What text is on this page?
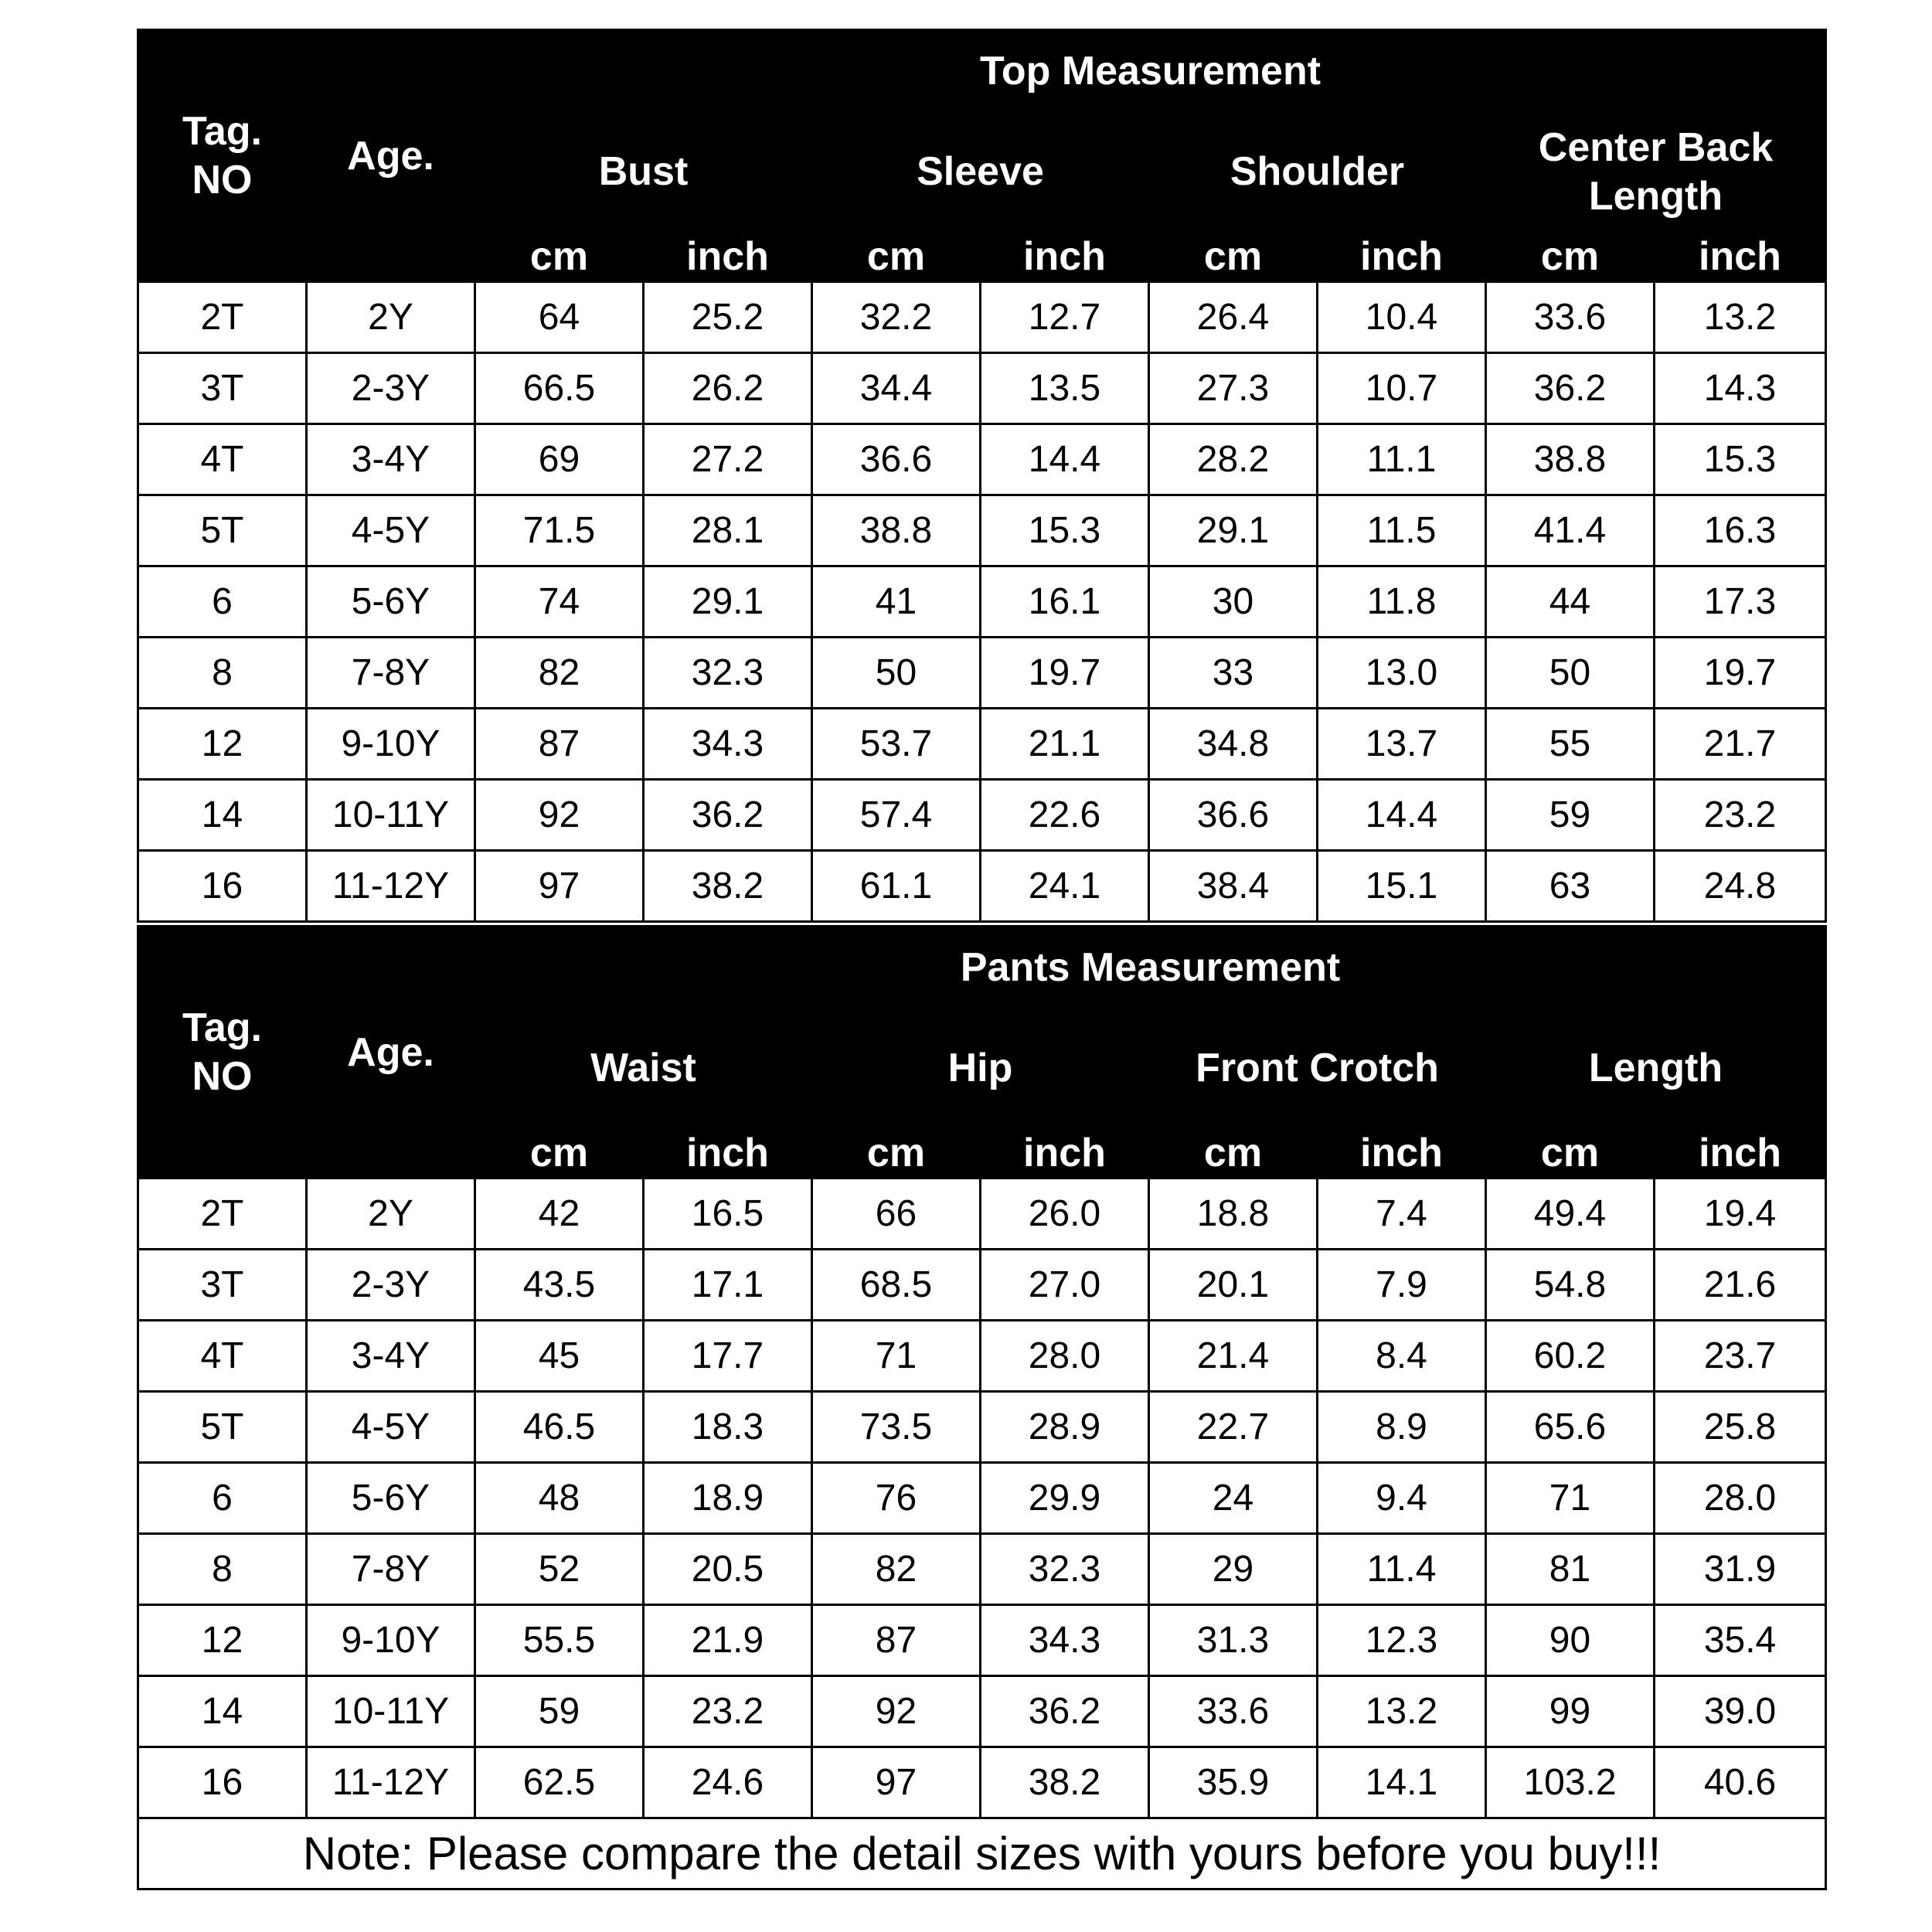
Tag.
NO	Age.	Top Measurement							
		Bust		Sleeve		Shoulder		Center Back Length	
		cm	inch	cm	inch	cm	inch	cm	inch
2T	2Y	64	25.2	32.2	12.7	26.4	10.4	33.6	13.2
3T	2-3Y	66.5	26.2	34.4	13.5	27.3	10.7	36.2	14.3
4T	3-4Y	69	27.2	36.6	14.4	28.2	11.1	38.8	15.3
5T	4-5Y	71.5	28.1	38.8	15.3	29.1	11.5	41.4	16.3
6	5-6Y	74	29.1	41	16.1	30	11.8	44	17.3
8	7-8Y	82	32.3	50	19.7	33	13.0	50	19.7
12	9-10Y	87	34.3	53.7	21.1	34.8	13.7	55	21.7
14	10-11Y	92	36.2	57.4	22.6	36.6	14.4	59	23.2
16	11-12Y	97	38.2	61.1	24.1	38.4	15.1	63	24.8
Tag.
NO	Age.	Pants Measurement							
		Waist		Hip		Front Crotch		Length	
		cm	inch	cm	inch	cm	inch	cm	inch
2T	2Y	42	16.5	66	26.0	18.8	7.4	49.4	19.4
3T	2-3Y	43.5	17.1	68.5	27.0	20.1	7.9	54.8	21.6
4T	3-4Y	45	17.7	71	28.0	21.4	8.4	60.2	23.7
5T	4-5Y	46.5	18.3	73.5	28.9	22.7	8.9	65.6	25.8
6	5-6Y	48	18.9	76	29.9	24	9.4	71	28.0
8	7-8Y	52	20.5	82	32.3	29	11.4	81	31.9
12	9-10Y	55.5	21.9	87	34.3	31.3	12.3	90	35.4
14	10-11Y	59	23.2	92	36.2	33.6	13.2	99	39.0
16	11-12Y	62.5	24.6	97	38.2	35.9	14.1	103.2	40.6
Note: Please compare the detail sizes with yours before you buy!!!									
